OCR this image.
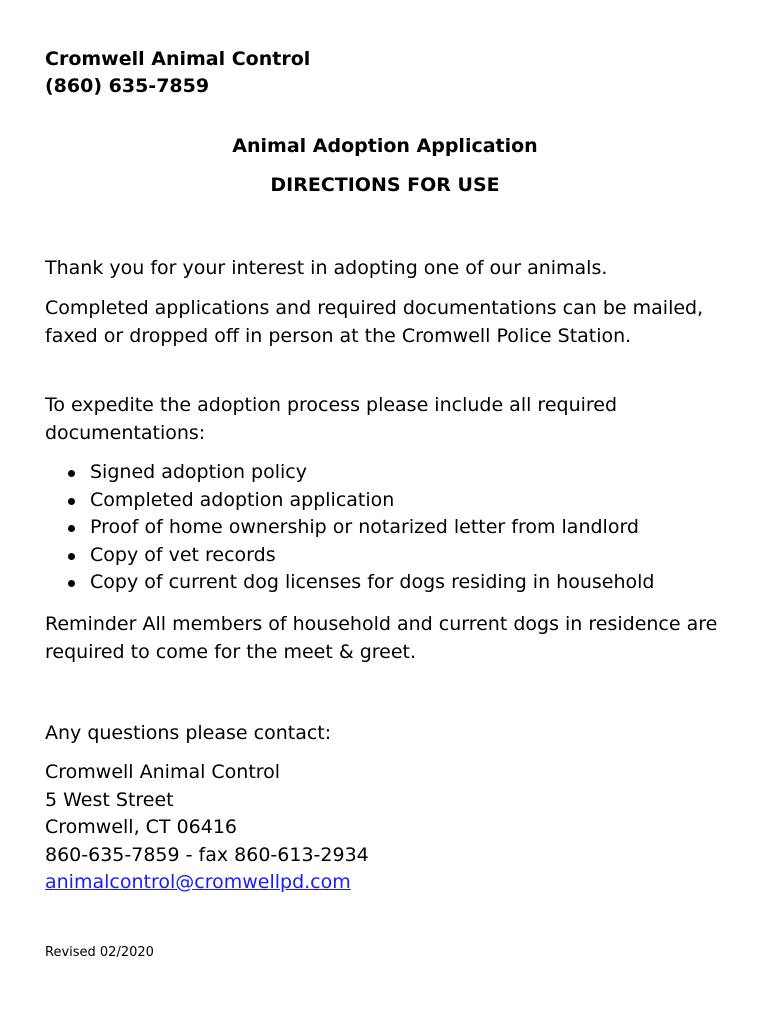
Cromwell Animal Control
(860) 635-7859
Animal Adoption Application
DIRECTIONS FOR USE
Thank you for your interest in adopting one of our animals.
Completed applications and required documentations can be mailed, faxed or dropped off in person at the Cromwell Police Station.
To expedite the adoption process please include all required documentations:
Signed adoption policy
Completed adoption application
Proof of home ownership or notarized letter from landlord
Copy of vet records
Copy of current dog licenses for dogs residing in household
Reminder All members of household and current dogs in residence are required to come for the meet & greet.
Any questions please contact:
Cromwell Animal Control
5 West Street
Cromwell, CT 06416
860-635-7859 - fax 860-613-2934
animalcontrol@cromwellpd.com
Revised 02/2020
